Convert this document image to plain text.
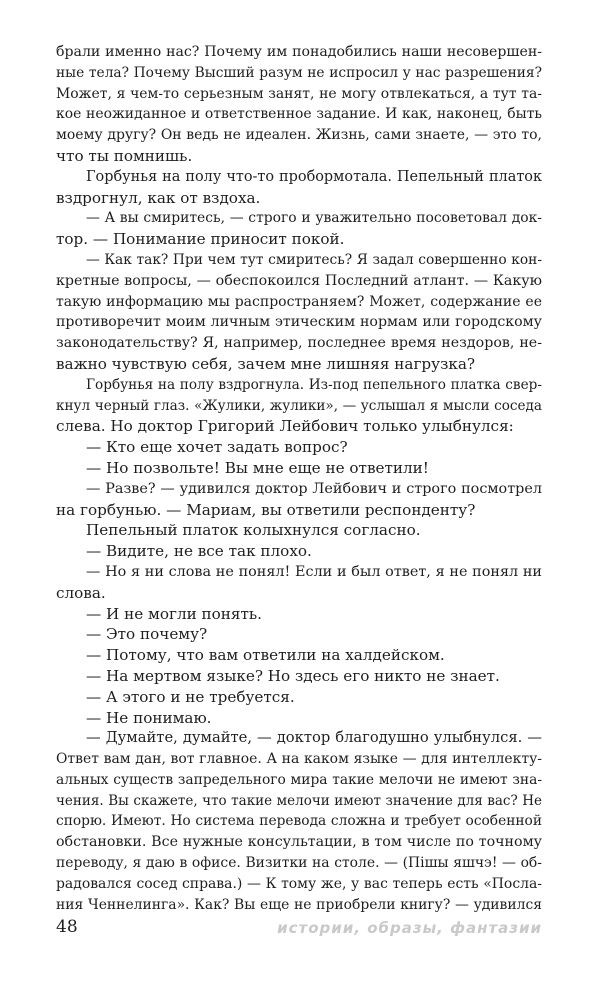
брали именно нас? Почему им понадобились наши несовершен-
ные тела? Почему Высший разум не испросил у нас разрешения?
Может, я чем-то серьезным занят, не могу отвлекаться, а тут та-
кое неожиданное и ответственное задание. И как, наконец, быть
моему другу? Он ведь не идеален. Жизнь, сами знаете, — это то,
что ты помнишь.
Горбунья на полу что-то пробормотала. Пепельный платок
вздрогнул, как от вздоха.
— А вы смиритесь, — строго и уважительно посоветовал док-
тор. — Понимание приносит покой.
— Как так? При чем тут смиритесь? Я задал совершенно кон-
кретные вопросы, — обеспокоился Последний атлант. — Какую
такую информацию мы распространяем? Может, содержание ее
противоречит моим личным этическим нормам или городскому
законодательству? Я, например, последнее время нездоров, не-
важно чувствую себя, зачем мне лишняя нагрузка?
Горбунья на полу вздрогнула. Из-под пепельного платка свер-
кнул черный глаз. «Жулики, жулики», — услышал я мысли соседа
слева. Но доктор Григорий Лейбович только улыбнулся:
— Кто еще хочет задать вопрос?
— Но позвольте! Вы мне еще не ответили!
— Разве? — удивился доктор Лейбович и строго посмотрел
на горбунью. — Мариам, вы ответили респонденту?
Пепельный платок колыхнулся согласно.
— Видите, не все так плохо.
— Но я ни слова не понял! Если и был ответ, я не понял ни
слова.
— И не могли понять.
— Это почему?
— Потому, что вам ответили на халдейском.
— На мертвом языке? Но здесь его никто не знает.
— А этого и не требуется.
— Не понимаю.
— Думайте, думайте, — доктор благодушно улыбнулся. —
Ответ вам дан, вот главное. А на каком языке — для интеллекту-
альных существ запредельного мира такие мелочи не имеют зна-
чения. Вы скажете, что такие мелочи имеют значение для вас? Не
спорю. Имеют. Но система перевода сложна и требует особенной
обстановки. Все нужные консультации, в том числе по точному
переводу, я даю в офисе. Визитки на столе. — (Пішы яшчэ! — об-
радовался сосед справа.) — К тому же, у вас теперь есть «Посла-
ния Ченнелинга». Как? Вы еще не приобрели книгу? — удивился
48	истории, образы, фантазии
